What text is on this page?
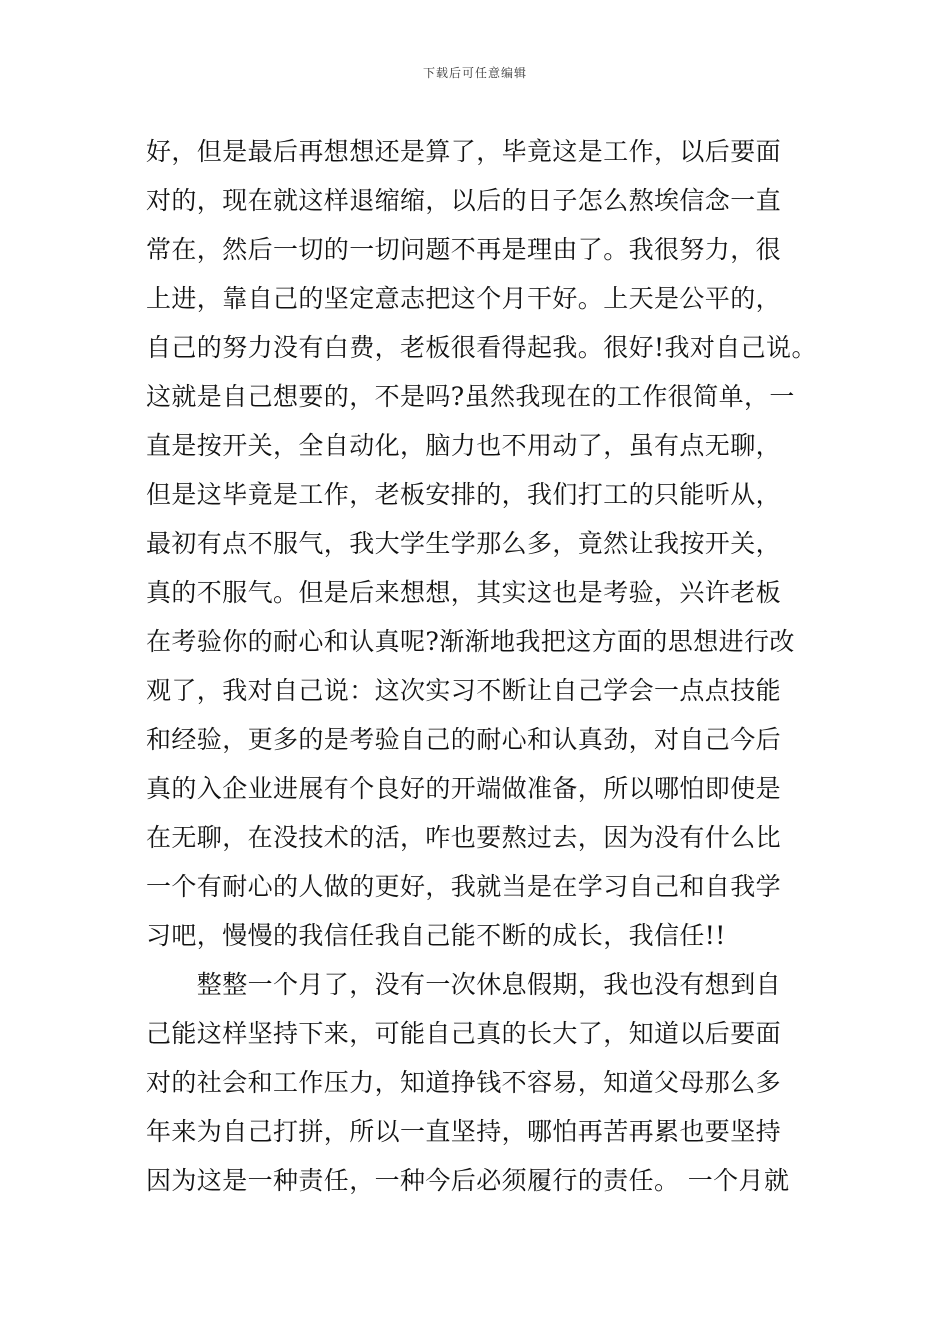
下载后可任意编辑
好，但是最后再想想还是算了，毕竟这是工作，以后要面
对的，现在就这样退缩缩，以后的日子怎么熬埃信念一直
常在，然后一切的一切问题不再是理由了。我很努力，很
上进，靠自己的坚定意志把这个月干好。上天是公平的，
自己的努力没有白费，老板很看得起我。很好!我对自己说。
这就是自己想要的，不是吗?虽然我现在的工作很简单，一
直是按开关，全自动化，脑力也不用动了，虽有点无聊，
但是这毕竟是工作，老板安排的，我们打工的只能听从，
最初有点不服气，我大学生学那么多，竟然让我按开关，
真的不服气。但是后来想想，其实这也是考验，兴许老板
在考验你的耐心和认真呢?渐渐地我把这方面的思想进行改
观了，我对自己说：这次实习不断让自己学会一点点技能
和经验，更多的是考验自己的耐心和认真劲，对自己今后
真的入企业进展有个良好的开端做准备，所以哪怕即使是
在无聊，在没技术的活，咋也要熬过去，因为没有什么比
一个有耐心的人做的更好，我就当是在学习自己和自我学
习吧，慢慢的我信任我自己能不断的成长，我信任!!
　　整整一个月了，没有一次休息假期，我也没有想到自
己能这样坚持下来，可能自己真的长大了，知道以后要面
对的社会和工作压力，知道挣钱不容易，知道父母那么多
年来为自己打拼，所以一直坚持，哪怕再苦再累也要坚持
因为这是一种责任，一种今后必须履行的责任。 一个月就
